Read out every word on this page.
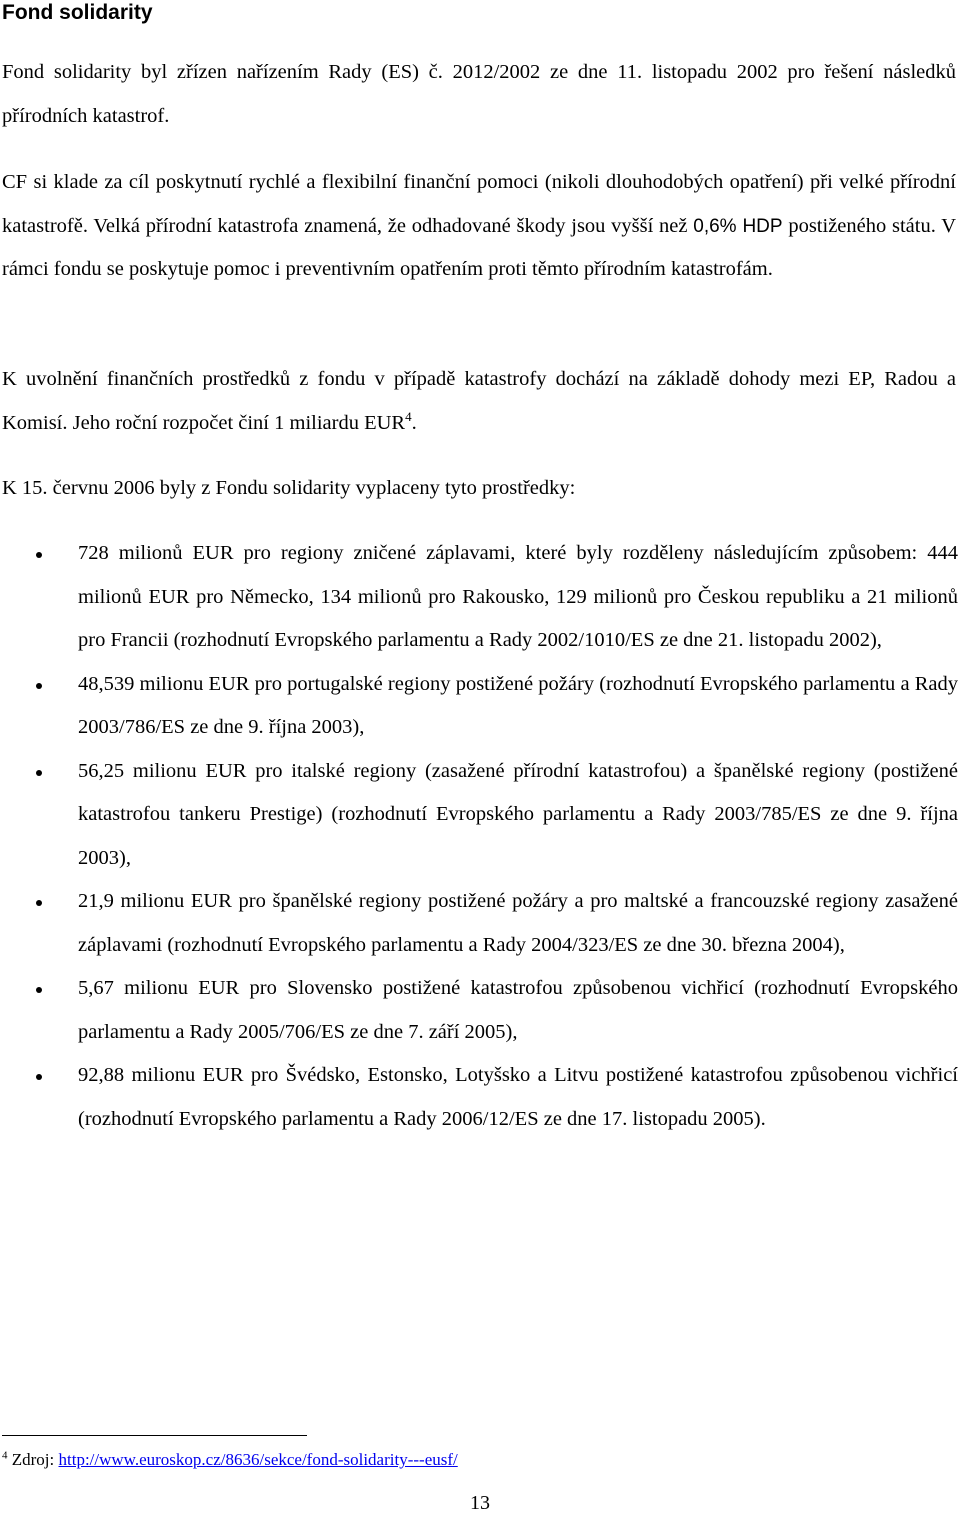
Fond solidarity

Fond solidarity byl zřízen nařízením Rady (ES) č. 2012/2002 ze dne 11. listopadu 2002 pro řešení následků přírodních katastrof.

CF si klade za cíl poskytnutí rychlé a flexibilní finanční pomoci (nikoli dlouhodobých opatření) při velké přírodní katastrofě. Velká přírodní katastrofa znamená, že odhadované škody jsou vyšší než 0,6% HDP postiženého státu. V rámci fondu se poskytuje pomoc i preventivním opatřením proti těmto přírodním katastrofám.

K uvolnění finančních prostředků z fondu v případě katastrofy dochází na základě dohody mezi EP, Radou a Komisí. Jeho roční rozpočet činí 1 miliardu EUR$^4$.

K 15. červnu 2006 byly z Fondu solidarity vyplaceny tyto prostředky:

728 milionů EUR pro regiony zničené záplavami, které byly rozděleny následujícím způsobem: 444 milionů EUR pro Německo, 134 milionů pro Rakousko, 129 milionů pro Českou republiku a 21 milionů pro Francii (rozhodnutí Evropského parlamentu a Rady 2002/1010/ES ze dne 21. listopadu 2002),
48,539 milionu EUR pro portugalské regiony postižené požáry (rozhodnutí Evropského parlamentu a Rady 2003/786/ES ze dne 9. října 2003),
56,25 milionu EUR pro italské regiony (zasažené přírodní katastrofou) a španělské regiony (postižené katastrofou tankeru Prestige) (rozhodnutí Evropského parlamentu a Rady 2003/785/ES ze dne 9. října 2003),
21,9 milionu EUR pro španělské regiony postižené požáry a pro maltské a francouzské regiony zasažené záplavami (rozhodnutí Evropského parlamentu a Rady 2004/323/ES ze dne 30. března 2004),
5,67 milionu EUR pro Slovensko postižené katastrofou způsobenou vichřicí (rozhodnutí Evropského parlamentu a Rady 2005/706/ES ze dne 7. září 2005),
92,88 milionu EUR pro Švédsko, Estonsko, Lotyšsko a Litvu postižené katastrofou způsobenou vichřicí (rozhodnutí Evropského parlamentu a Rady 2006/12/ES ze dne 17. listopadu 2005).

$^4$ Zdroj: http://www.euroskop.cz/8636/sekce/fond-solidarity---eusf/

13
